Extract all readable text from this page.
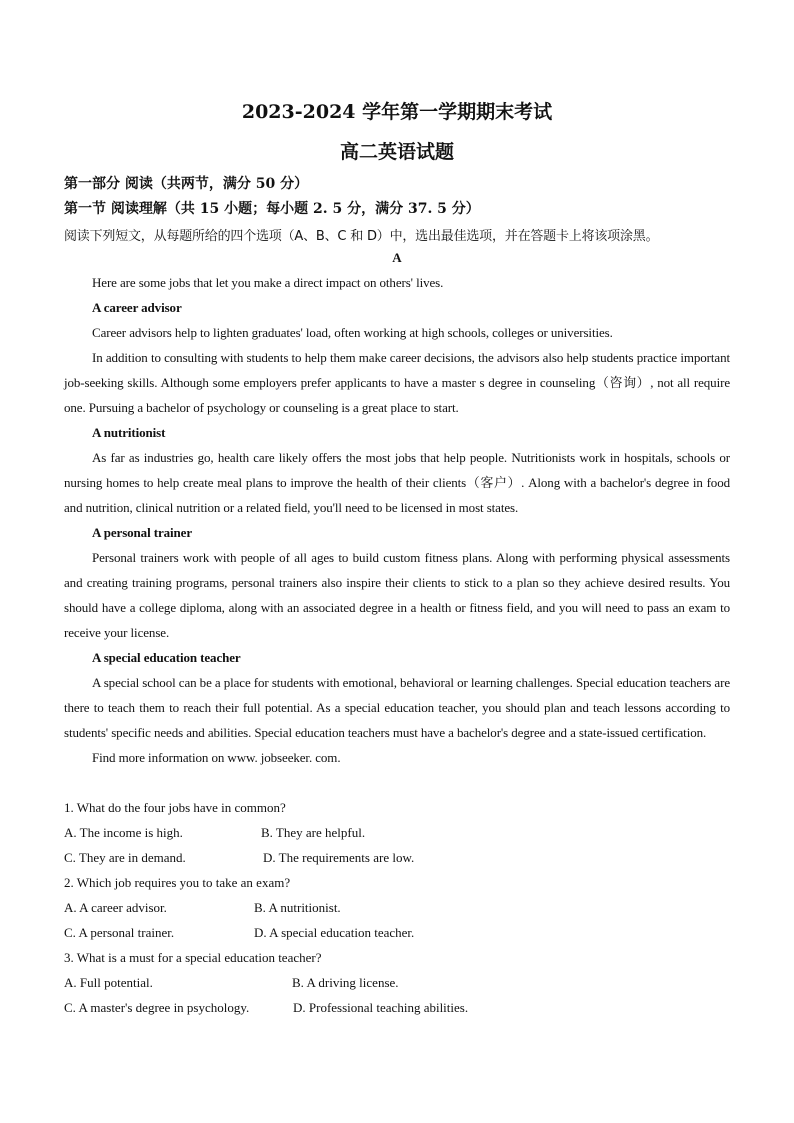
2023-2024 学年第一学期期末考试
高二英语试题
第一部分 阅读（共两节，满分 50 分）
第一节 阅读理解（共 15 小题；每小题 2. 5 分，满分 37. 5 分）
阅读下列短文，从每题所给的四个选项（A、B、C 和 D）中，选出最佳选项，并在答题卡上将该项涂黑。
A

Here are some jobs that let you make a direct impact on others' lives.

A career advisor

Career advisors help to lighten graduates' load, often working at high schools, colleges or universities.

In addition to consulting with students to help them make career decisions, the advisors also help students practice important job-seeking skills. Although some employers prefer applicants to have a master s degree in counseling（咨询）, not all require one. Pursuing a bachelor of psychology or counseling is a great place to start.

A nutritionist

As far as industries go, health care likely offers the most jobs that help people. Nutritionists work in hospitals, schools or nursing homes to help create meal plans to improve the health of their clients（客户）. Along with a bachelor's degree in food and nutrition, clinical nutrition or a related field, you'll need to be licensed in most states.

A personal trainer

Personal trainers work with people of all ages to build custom fitness plans. Along with performing physical assessments and creating training programs, personal trainers also inspire their clients to stick to a plan so they achieve desired results. You should have a college diploma, along with an associated degree in a health or fitness field, and you will need to pass an exam to receive your license.

A special education teacher

A special school can be a place for students with emotional, behavioral or learning challenges. Special education teachers are there to teach them to reach their full potential. As a special education teacher, you should plan and teach lessons according to students' specific needs and abilities. Special education teachers must have a bachelor's degree and a state-issued certification.

Find more information on www. jobseeker. com.

1. What do the four jobs have in common?

A. The income is high.	B. They are helpful.
C. They are in demand.	D. The requirements are low.

2. Which job requires you to take an exam?

A. A career advisor.	B. A nutritionist.
C. A personal trainer.	D. A special education teacher.

3. What is a must for a special education teacher?

A. Full potential.	B. A driving license.
C. A master's degree in psychology.	D. Professional teaching abilities.
